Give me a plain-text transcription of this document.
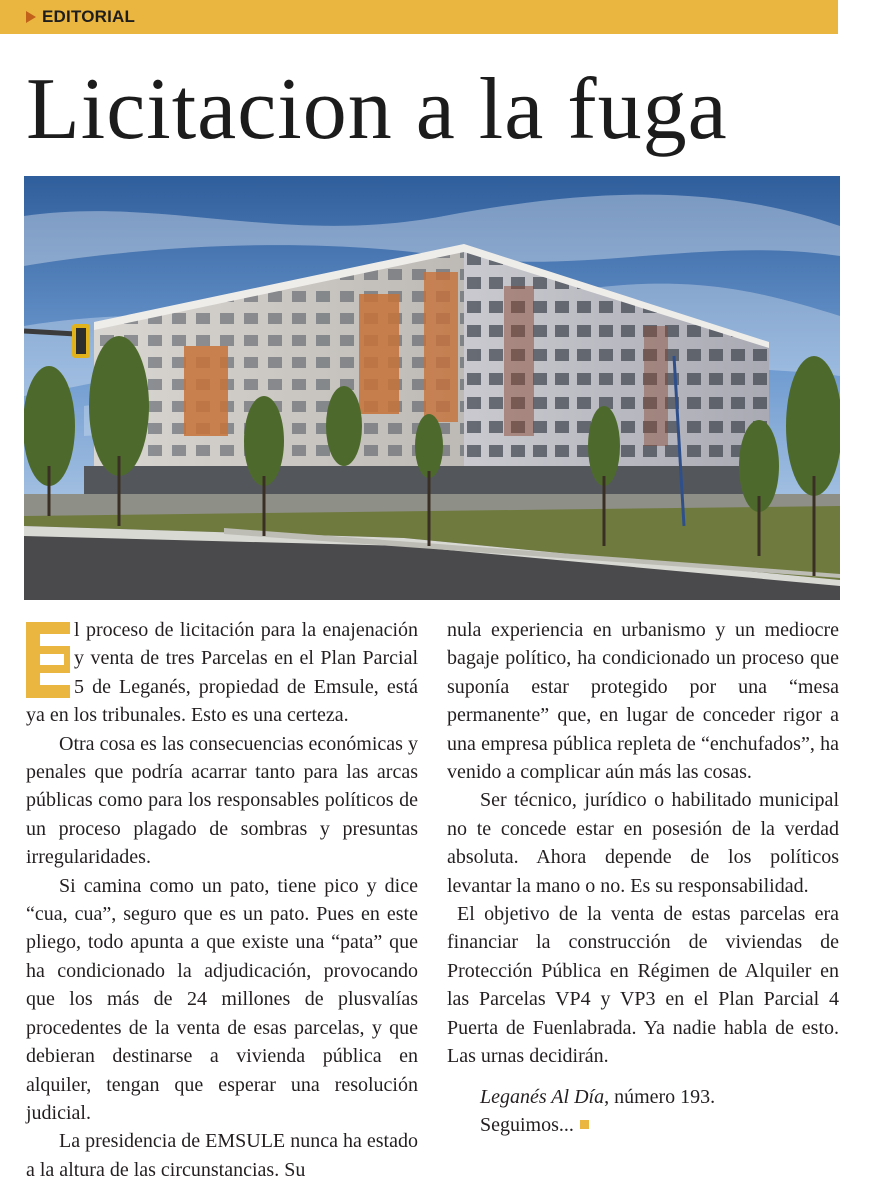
EDITORIAL
Licitacion a la fuga

l proceso de licitación para la enajenación y venta de tres Parcelas en el Plan Parcial 5 de Leganés, propiedad de Emsule, está ya en los tribunales. Esto es una certeza.

Otra cosa es las consecuencias económicas y penales que podría acarrar tanto para las arcas públicas como para los responsables políticos de un proceso plagado de sombras y presuntas irregularidades.

Si camina como un pato, tiene pico y dice “cua, cua”, seguro que es un pato. Pues en este pliego, todo apunta a que existe una “pata” que ha condicionado la adjudicación, provocando que los más de 24 millones de plusvalías procedentes de la venta de esas parcelas, y que debieran destinarse a vivienda pública en alquiler, tengan que esperar una resolución judicial.

La presidencia de EMSULE nunca ha estado a la altura de las circunstancias. Su

nula experiencia en urbanismo y un mediocre bagaje político, ha condicionado un proceso que suponía estar protegido por una “mesa permanente” que, en lugar de conceder rigor a una empresa pública repleta de “enchufados”, ha venido a complicar aún más las cosas.

Ser técnico, jurídico o habilitado municipal no te concede estar en posesión de la verdad absoluta. Ahora depende de los políticos levantar la mano o no. Es su responsabilidad.

El objetivo de la venta de estas parcelas era financiar la construcción de viviendas de Protección Pública en Régimen de Alquiler en las Parcelas VP4 y VP3 en el Plan Parcial 4 Puerta de Fuenlabrada. Ya nadie habla de esto. Las urnas decidirán.

Leganés Al Día, número 193.

Seguimos...
